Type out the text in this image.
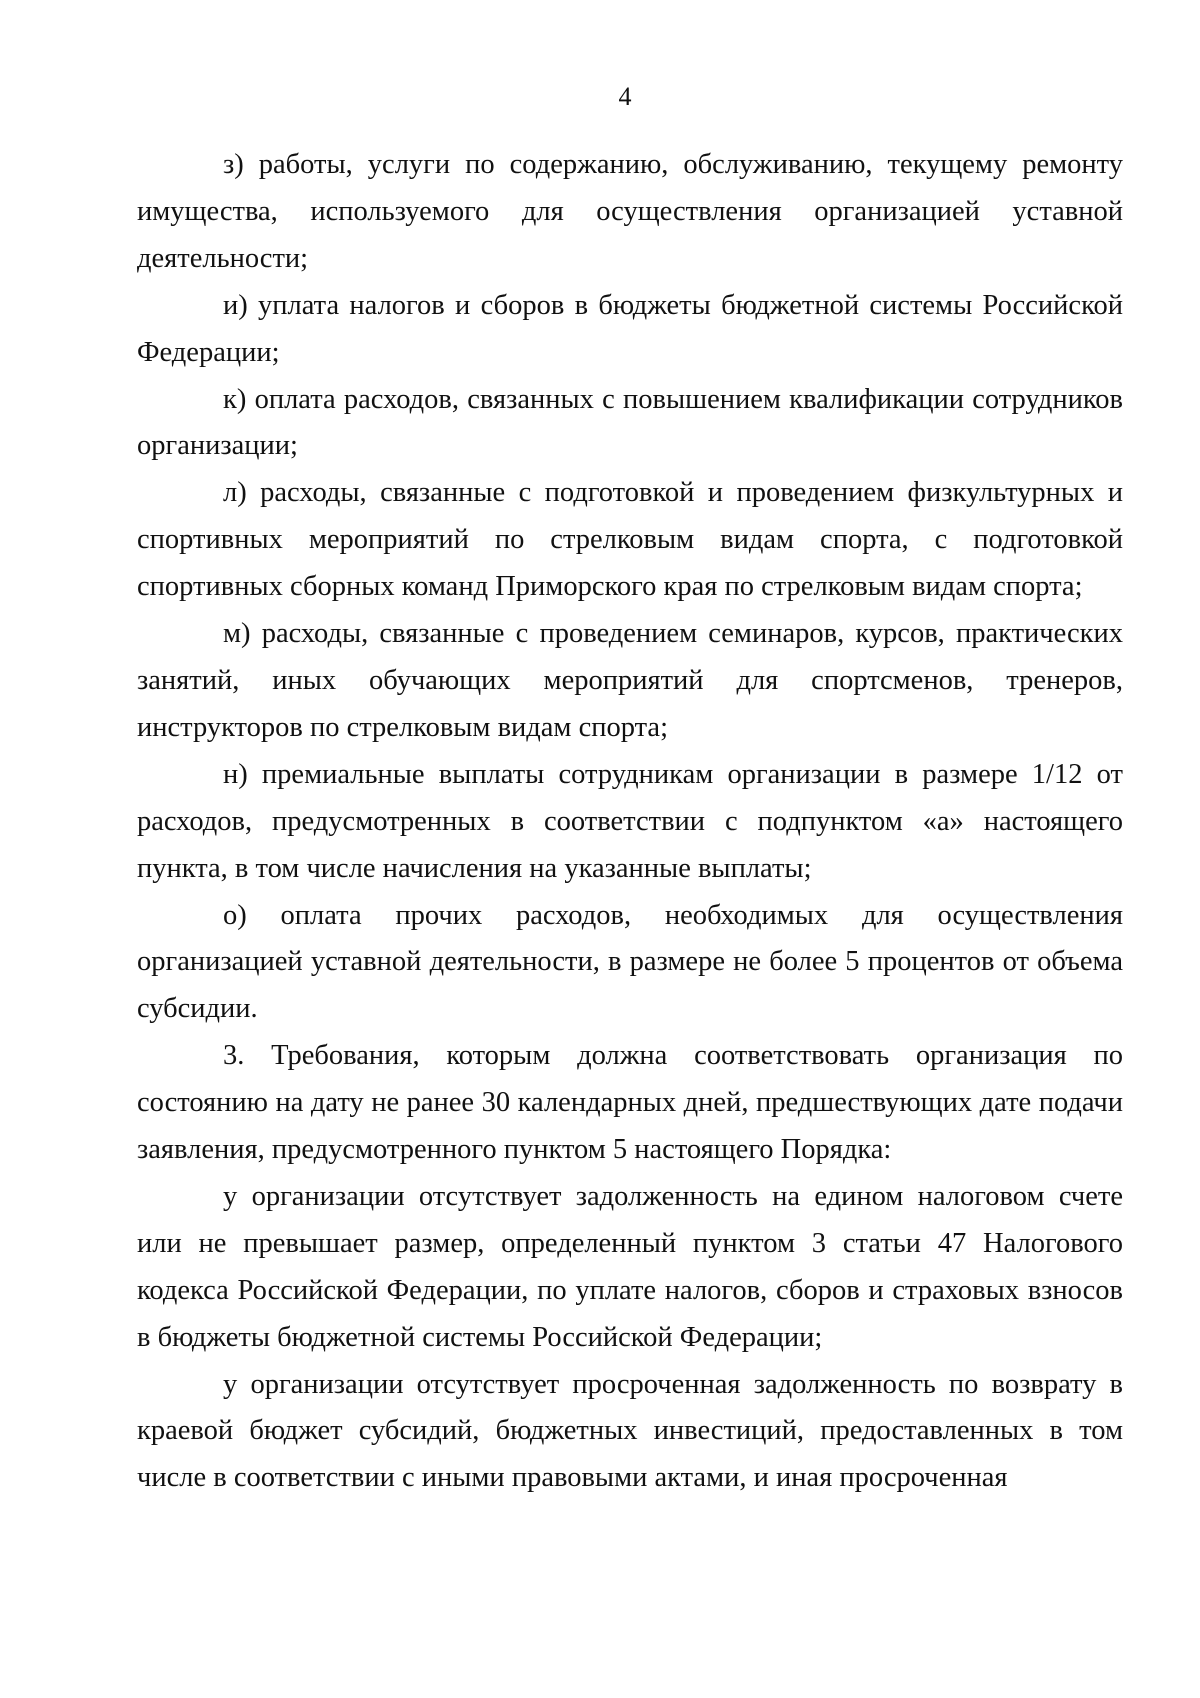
4

з) работы, услуги по содержанию, обслуживанию, текущему ремонту имущества, используемого для осуществления организацией уставной деятельности;

и) уплата налогов и сборов в бюджеты бюджетной системы Российской Федерации;

к) оплата расходов, связанных с повышением квалификации сотрудников организации;

л) расходы, связанные с подготовкой и проведением физкультурных и спортивных мероприятий по стрелковым видам спорта, с подготовкой спортивных сборных команд Приморского края по стрелковым видам спорта;

м) расходы, связанные с проведением семинаров, курсов, практических занятий, иных обучающих мероприятий для спортсменов, тренеров, инструкторов по стрелковым видам спорта;

н) премиальные выплаты сотрудникам организации в размере 1/12 от расходов, предусмотренных в соответствии с подпунктом «а» настоящего пункта, в том числе начисления на указанные выплаты;

о) оплата прочих расходов, необходимых для осуществления организацией уставной деятельности, в размере не более 5 процентов от объема субсидии.

3. Требования, которым должна соответствовать организация по состоянию на дату не ранее 30 календарных дней, предшествующих дате подачи заявления, предусмотренного пунктом 5 настоящего Порядка:

у организации отсутствует задолженность на едином налоговом счете или не превышает размер, определенный пунктом 3 статьи 47 Налогового кодекса Российской Федерации, по уплате налогов, сборов и страховых взносов в бюджеты бюджетной системы Российской Федерации;

у организации отсутствует просроченная задолженность по возврату в краевой бюджет субсидий, бюджетных инвестиций, предоставленных в том числе в соответствии с иными правовыми актами, и иная просроченная
